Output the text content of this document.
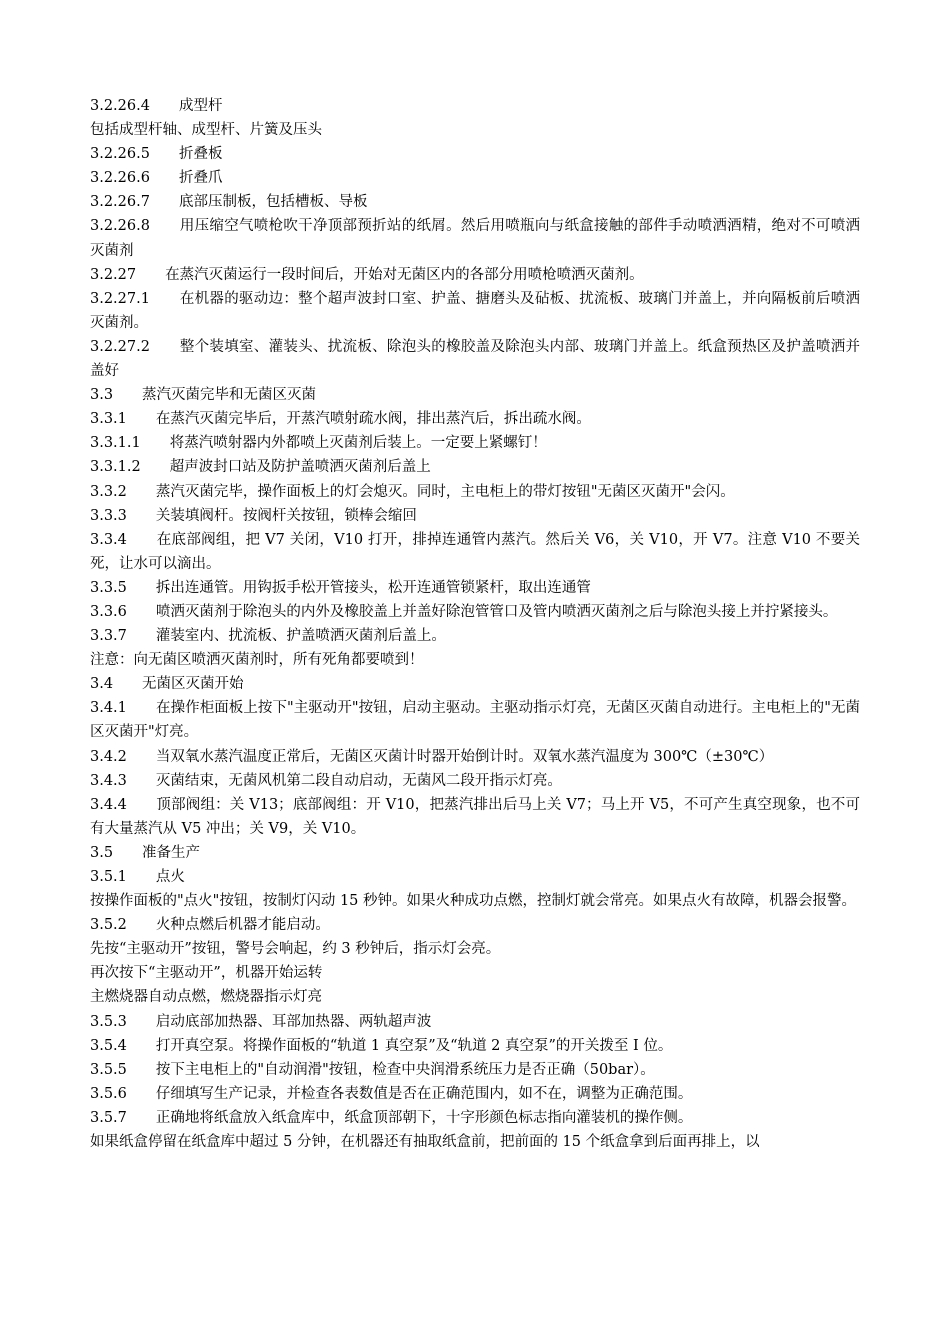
3.2.26.4　　成型杆

包括成型杆轴、成型杆、片簧及压头

3.2.26.5　　折叠板

3.2.26.6　　折叠爪

3.2.26.7　　底部压制板，包括槽板、导板

3.2.26.8　　用压缩空气喷枪吹干净顶部预折站的纸屑。然后用喷瓶向与纸盒接触的部件手动喷洒酒精，绝对不可喷洒灭菌剂

3.2.27　　在蒸汽灭菌运行一段时间后，开始对无菌区内的各部分用喷枪喷洒灭菌剂。

3.2.27.1　　在机器的驱动边：整个超声波封口室、护盖、搪磨头及砧板、扰流板、玻璃门并盖上，并向隔板前后喷洒灭菌剂。

3.2.27.2　　整个装填室、灌装头、扰流板、除泡头的橡胶盖及除泡头内部、玻璃门并盖上。纸盒预热区及护盖喷洒并盖好

3.3　　蒸汽灭菌完毕和无菌区灭菌

3.3.1　　在蒸汽灭菌完毕后，开蒸汽喷射疏水阀，排出蒸汽后，拆出疏水阀。

3.3.1.1　　将蒸汽喷射器内外都喷上灭菌剂后装上。一定要上紧螺钉！

3.3.1.2　　超声波封口站及防护盖喷洒灭菌剂后盖上

3.3.2　　蒸汽灭菌完毕，操作面板上的灯会熄灭。同时，主电柜上的带灯按钮"无菌区灭菌开"会闪。

3.3.3　　关装填阀杆。按阀杆关按钮，锁棒会缩回

3.3.4　　在底部阀组，把 V7 关闭，V10 打开，排掉连通管内蒸汽。然后关 V6，关 V10，开 V7。注意 V10 不要关死，让水可以滴出。

3.3.5　　拆出连通管。用钩扳手松开管接头，松开连通管锁紧杆，取出连通管

3.3.6　　喷洒灭菌剂于除泡头的内外及橡胶盖上并盖好除泡管管口及管内喷洒灭菌剂之后与除泡头接上并拧紧接头。

3.3.7　　灌装室内、扰流板、护盖喷洒灭菌剂后盖上。

注意：向无菌区喷洒灭菌剂时，所有死角都要喷到！

3.4　　无菌区灭菌开始

3.4.1　　在操作柜面板上按下"主驱动开"按钮，启动主驱动。主驱动指示灯亮，无菌区灭菌自动进行。主电柜上的"无菌区灭菌开"灯亮。

3.4.2　　当双氧水蒸汽温度正常后，无菌区灭菌计时器开始倒计时。双氧水蒸汽温度为 300℃（±30℃）

3.4.3　　灭菌结束，无菌风机第二段自动启动，无菌风二段开指示灯亮。

3.4.4　　顶部阀组：关 V13；底部阀组：开 V10，把蒸汽排出后马上关 V7；马上开 V5，不可产生真空现象，也不可有大量蒸汽从 V5 冲出；关 V9，关 V10。

3.5　　准备生产

3.5.1　　点火

按操作面板的"点火"按钮，按制灯闪动 15 秒钟。如果火种成功点燃，控制灯就会常亮。如果点火有故障，机器会报警。

3.5.2　　火种点燃后机器才能启动。

先按“主驱动开”按钮，警号会响起，约 3 秒钟后，指示灯会亮。

再次按下“主驱动开”，机器开始运转

主燃烧器自动点燃，燃烧器指示灯亮

3.5.3　　启动底部加热器、耳部加热器、两轨超声波

3.5.4　　打开真空泵。将操作面板的“轨道 1 真空泵”及“轨道 2 真空泵”的开关拨至 I 位。

3.5.5　　按下主电柜上的"自动润滑"按钮，检查中央润滑系统压力是否正确（50bar）。

3.5.6　　仔细填写生产记录，并检查各表数值是否在正确范围内，如不在，调整为正确范围。

3.5.7　　正确地将纸盒放入纸盒库中，纸盒顶部朝下，十字形颜色标志指向灌装机的操作侧。

如果纸盒停留在纸盒库中超过 5 分钟，在机器还有抽取纸盒前，把前面的 15 个纸盒拿到后面再排上，以
